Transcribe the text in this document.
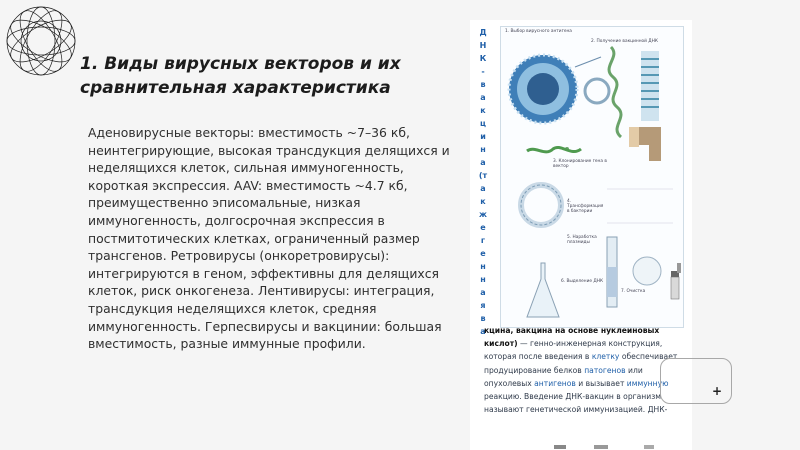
1. Виды вирусных векторов и их сравнительная характеристика
Аденовирусные векторы: вместимость ~7–36 кб, неинтегрирующие, высокая трансдукция делящихся и неделящихся клеток, сильная иммуногенность, короткая экспрессия. AAV: вместимость ~4.7 кб, преимущественно эписомальные, низкая иммуногенность, долгосрочная экспрессия в постмитотических клетках, ограниченный размер трансгенов. Ретровирусы (онкоретровирусы): интегрируются в геном, эффективны для делящихся клеток, риск онкогенеза. Лентивирусы: интеграция, трансдукция неделящихся клеток, средняя иммуногенность. Герпесвирусы и вакцинии: большая вместимость, разные иммунные профили.
Д
Н
К
-
в
а
к
ц
и
н
а
(т
а
к
ж
е
г
е
н
н
а
я
в
а
1. Выбор вирусного антигена
2. Получение вакцинной ДНК
3. Клонирование гена в вектор
4. Трансформация в бактерии
5. Наработка плазмиды
6. Выделение ДНК
7. Очистка
кцина, вакцина на основе нуклеиновых кислот) — генно-инженерная конструкция, которая после введения в клетку обеспечивает продуцирование белков патогенов или опухолевых антигенов и вызывает иммунную реакцию. Введение ДНК-вакцин в организм называют генетической иммунизацией. ДНК-
+
